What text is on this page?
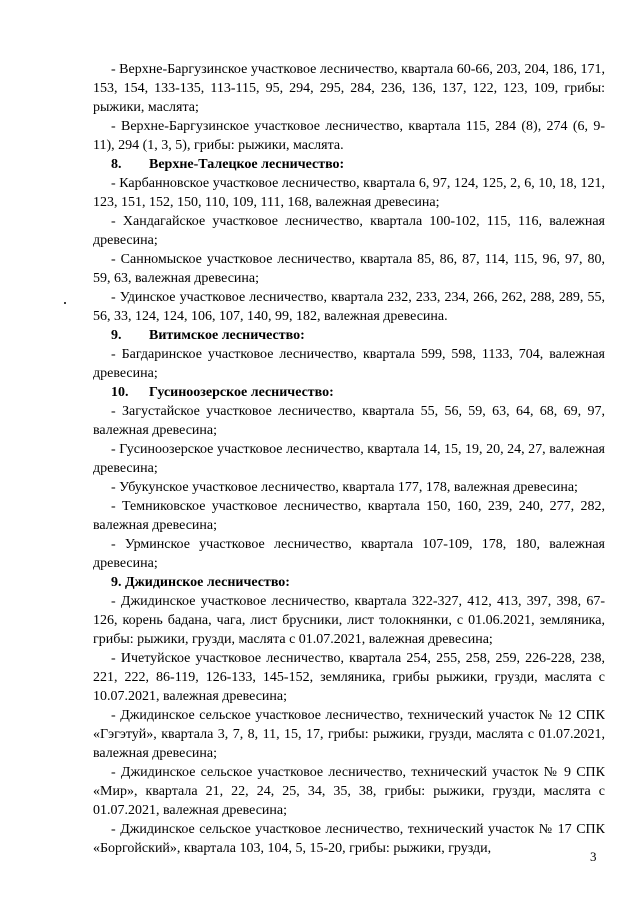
- Верхне-Баргузинское участковое лесничество, квартала 60-66, 203, 204, 186, 171, 153, 154, 133-135, 113-115, 95, 294, 295, 284, 236, 136, 137, 122, 123, 109, грибы: рыжики, маслята;

- Верхне-Баргузинское участковое лесничество, квартала 115, 284 (8), 274 (6, 9-11), 294 (1, 3, 5), грибы: рыжики, маслята.

8. Верхне-Талецкое лесничество:

- Карбанновское участковое лесничество, квартала 6, 97, 124, 125, 2, 6, 10, 18, 121, 123, 151, 152, 150, 110, 109, 111, 168, валежная древесина;

- Хандагайское участковое лесничество, квартала 100-102, 115, 116, валежная древесина;

- Санномыское участковое лесничество, квартала 85, 86, 87, 114, 115, 96, 97, 80, 59, 63, валежная древесина;

- Удинское участковое лесничество, квартала 232, 233, 234, 266, 262, 288, 289, 55, 56, 33, 124, 124, 106, 107, 140, 99, 182, валежная древесина.

9. Витимское лесничество:

- Багдаринское участковое лесничество, квартала 599, 598, 1133, 704, валежная древесина;

10. Гусиноозерское лесничество:

- Загустайское участковое лесничество, квартала 55, 56, 59, 63, 64, 68, 69, 97, валежная древесина;

- Гусиноозерское участковое лесничество, квартала 14, 15, 19, 20, 24, 27, валежная древесина;

- Убукунское участковое лесничество, квартала 177, 178, валежная древесина;

- Темниковское участковое лесничество, квартала 150, 160, 239, 240, 277, 282, валежная древесина;

- Урминское участковое лесничество, квартала 107-109, 178, 180, валежная древесина;

9. Джидинское лесничество:

- Джидинское участковое лесничество, квартала 322-327, 412, 413, 397, 398, 67-126, корень бадана, чага, лист брусники, лист толокнянки, с 01.06.2021, земляника, грибы: рыжики, грузди, маслята с 01.07.2021, валежная древесина;

- Ичетуйское участковое лесничество, квартала 254, 255, 258, 259, 226-228, 238, 221, 222, 86-119, 126-133, 145-152, земляника, грибы рыжики, грузди, маслята с 10.07.2021, валежная древесина;

- Джидинское сельское участковое лесничество, технический участок № 12 СПК «Гэгэтуй», квартала 3, 7, 8, 11, 15, 17, грибы: рыжики, грузди, маслята с 01.07.2021, валежная древесина;

- Джидинское сельское участковое лесничество, технический участок № 9 СПК «Мир», квартала 21, 22, 24, 25, 34, 35, 38, грибы: рыжики, грузди, маслята с 01.07.2021, валежная древесина;

- Джидинское сельское участковое лесничество, технический участок № 17 СПК «Боргойский», квартала 103, 104, 5, 15-20, грибы: рыжики, грузди,

3
